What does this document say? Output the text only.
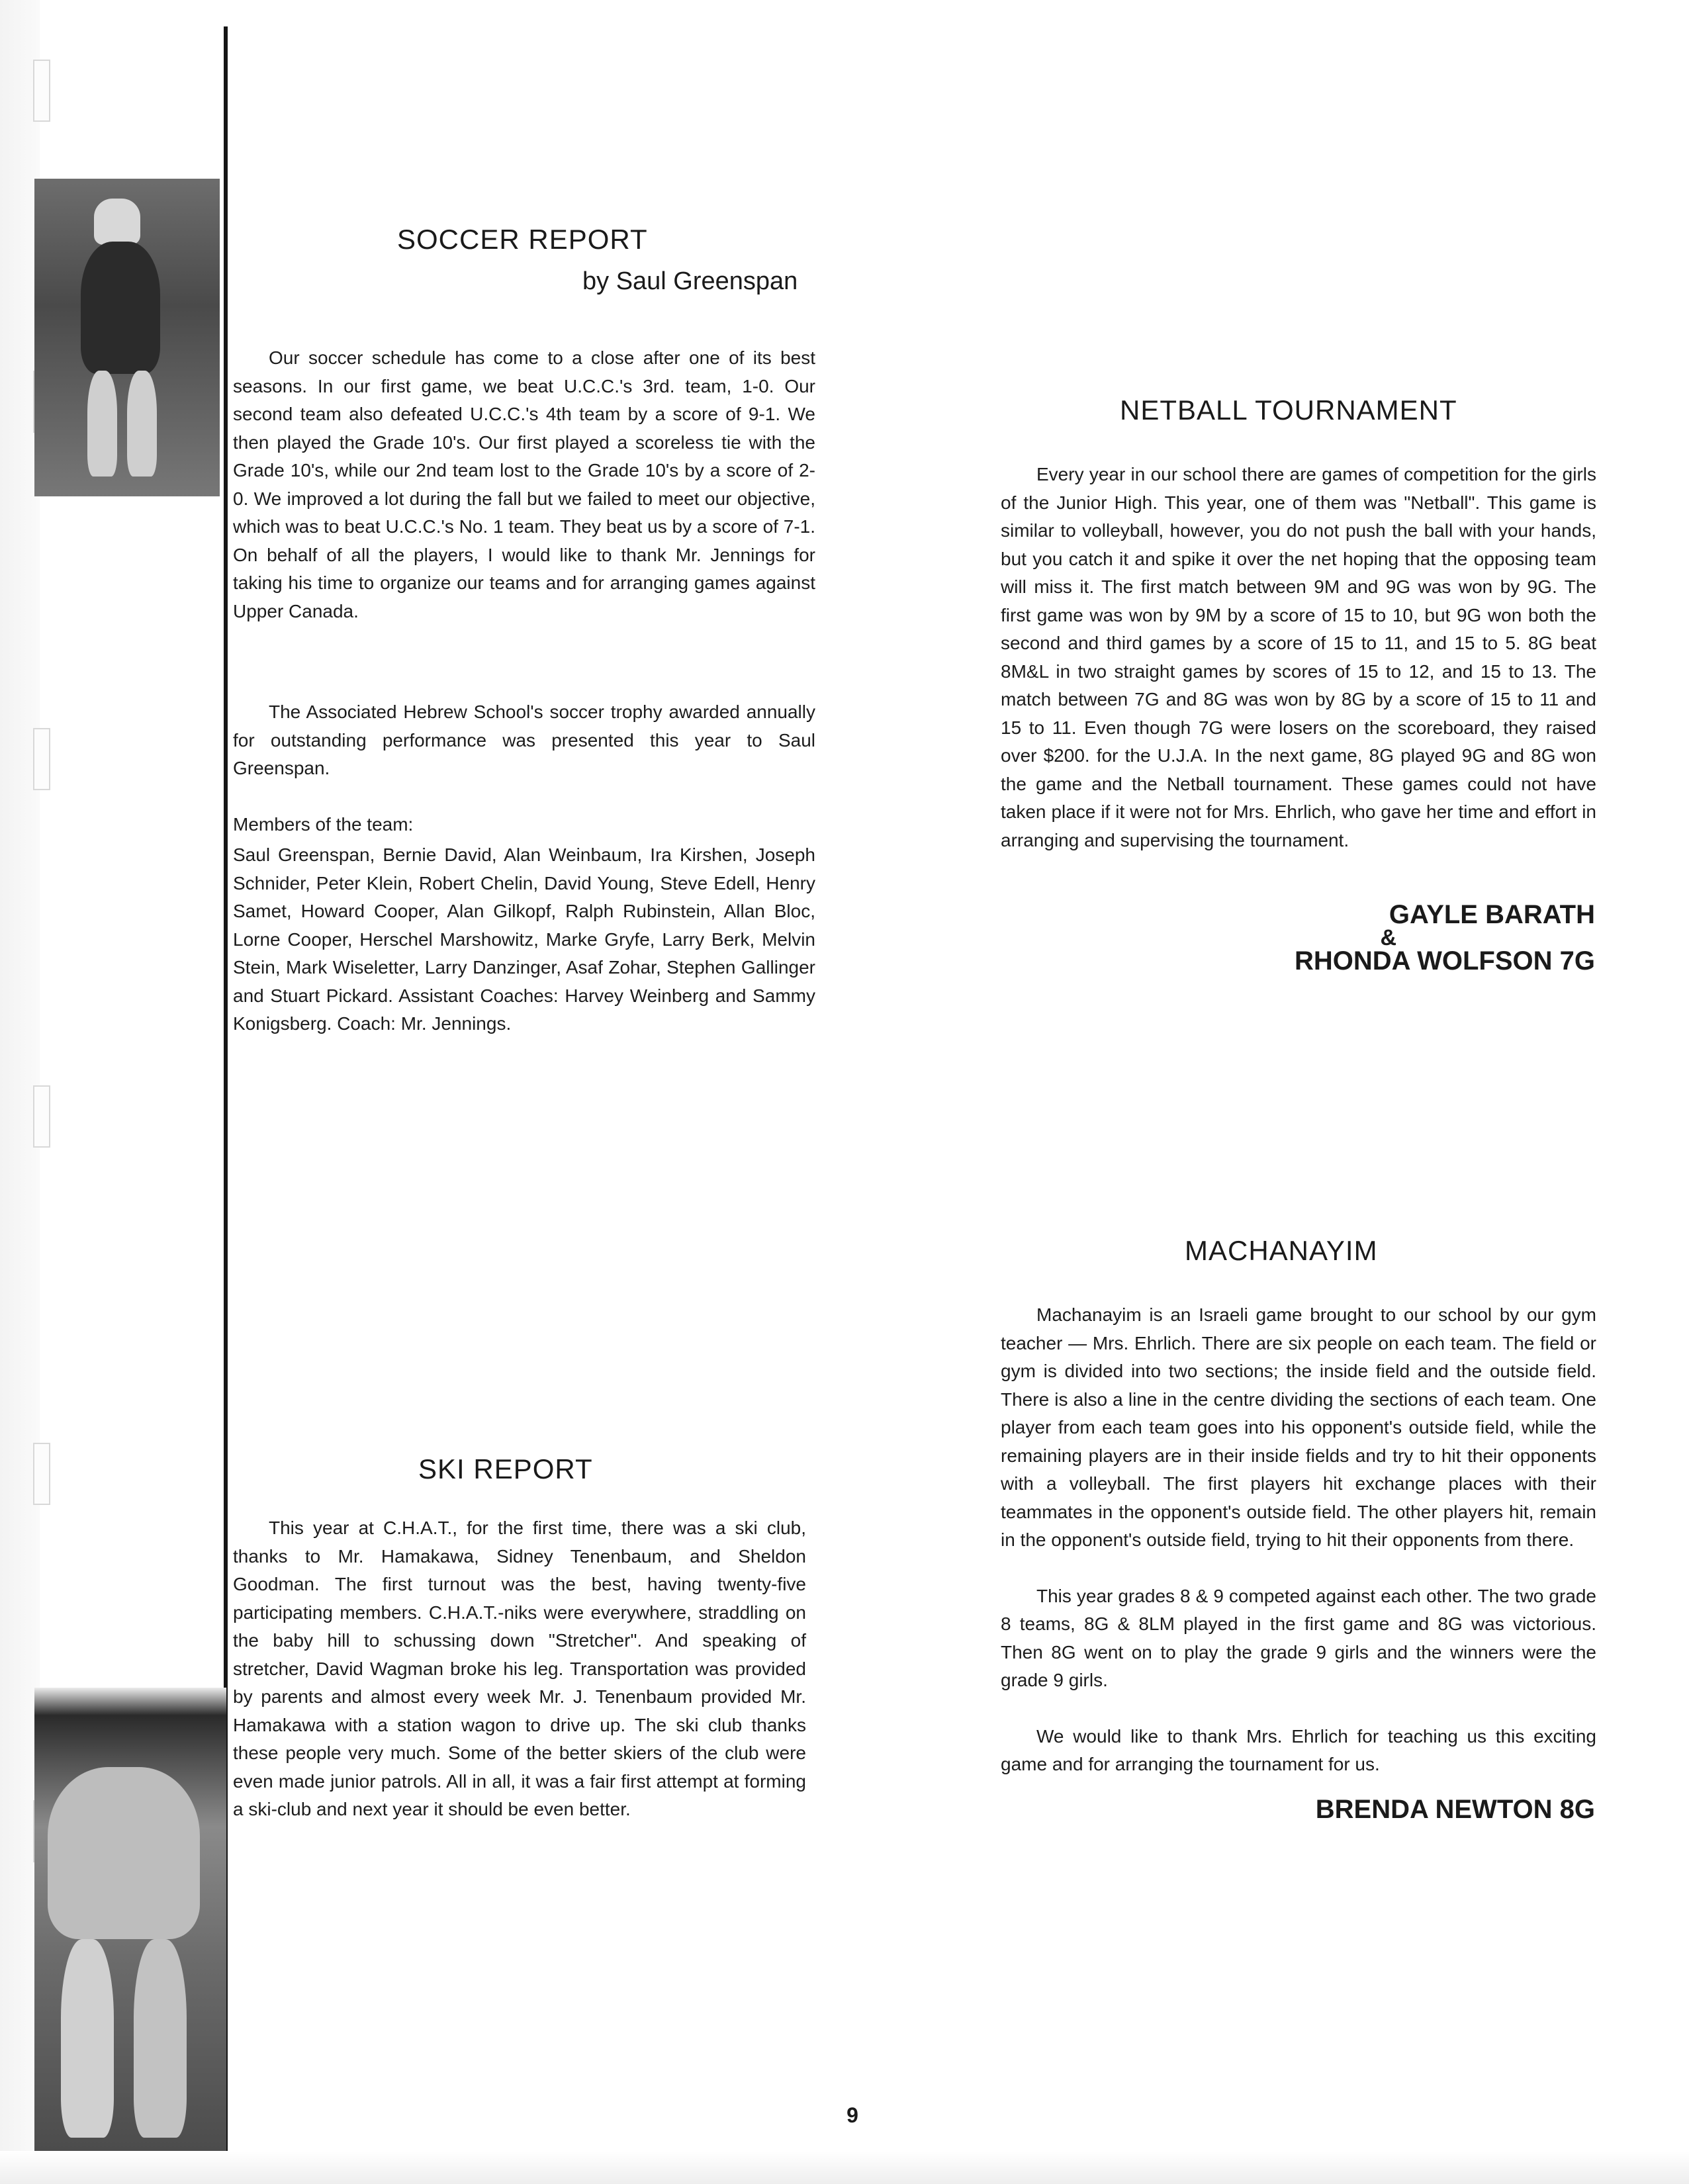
SOCCER REPORT
by Saul Greenspan

Our soccer schedule has come to a close after one of its best seasons. In our first game, we beat U.C.C.'s 3rd. team, 1-0. Our second team also defeated U.C.C.'s 4th team by a score of 9-1. We then played the Grade 10's. Our first played a scoreless tie with the Grade 10's, while our 2nd team lost to the Grade 10's by a score of 2-0. We improved a lot during the fall but we failed to meet our objective, which was to beat U.C.C.'s No. 1 team. They beat us by a score of 7-1. On behalf of all the players, I would like to thank Mr. Jennings for taking his time to organize our teams and for arranging games against Upper Canada.

The Associated Hebrew School's soccer trophy awarded annually for outstanding performance was presented this year to Saul Greenspan.

Members of the team:

Saul Greenspan, Bernie David, Alan Weinbaum, Ira Kirshen, Joseph Schnider, Peter Klein, Robert Chelin, David Young, Steve Edell, Henry Samet, Howard Cooper, Alan Gilkopf, Ralph Rubinstein, Allan Bloc, Lorne Cooper, Herschel Marshowitz, Marke Gryfe, Larry Berk, Melvin Stein, Mark Wiseletter, Larry Danzinger, Asaf Zohar, Stephen Gallinger and Stuart Pickard. Assistant Coaches: Harvey Weinberg and Sammy Konigsberg. Coach: Mr. Jennings.

SKI REPORT

This year at C.H.A.T., for the first time, there was a ski club, thanks to Mr. Hamakawa, Sidney Tenenbaum, and Sheldon Goodman. The first turnout was the best, having twenty-five participating members. C.H.A.T.-niks were everywhere, straddling on the baby hill to schussing down "Stretcher". And speaking of stretcher, David Wagman broke his leg. Transportation was provided by parents and almost every week Mr. J. Tenenbaum provided Mr. Hamakawa with a station wagon to drive up. The ski club thanks these people very much. Some of the better skiers of the club were even made junior patrols. All in all, it was a fair first attempt at forming a ski-club and next year it should be even better.

NETBALL TOURNAMENT

Every year in our school there are games of competition for the girls of the Junior High. This year, one of them was "Netball". This game is similar to volleyball, however, you do not push the ball with your hands, but you catch it and spike it over the net hoping that the opposing team will miss it. The first match between 9M and 9G was won by 9G. The first game was won by 9M by a score of 15 to 10, but 9G won both the second and third games by a score of 15 to 11, and 15 to 5. 8G beat 8M&L in two straight games by scores of 15 to 12, and 15 to 13. The match between 7G and 8G was won by 8G by a score of 15 to 11 and 15 to 11. Even though 7G were losers on the scoreboard, they raised over $200. for the U.J.A. In the next game, 8G played 9G and 8G won the game and the Netball tournament. These games could not have taken place if it were not for Mrs. Ehrlich, who gave her time and effort in arranging and supervising the tournament.

GAYLE BARATH
&
RHONDA WOLFSON 7G
MACHANAYIM

Machanayim is an Israeli game brought to our school by our gym teacher — Mrs. Ehrlich. There are six people on each team. The field or gym is divided into two sections; the inside field and the outside field. There is also a line in the centre dividing the sections of each team. One player from each team goes into his opponent's outside field, while the remaining players are in their inside fields and try to hit their opponents with a volleyball. The first players hit exchange places with their teammates in the opponent's outside field. The other players hit, remain in the opponent's outside field, trying to hit their opponents from there.

This year grades 8 & 9 competed against each other. The two grade 8 teams, 8G & 8LM played in the first game and 8G was victorious. Then 8G went on to play the grade 9 girls and the winners were the grade 9 girls.

We would like to thank Mrs. Ehrlich for teaching us this exciting game and for arranging the tournament for us.

BRENDA NEWTON 8G
9
